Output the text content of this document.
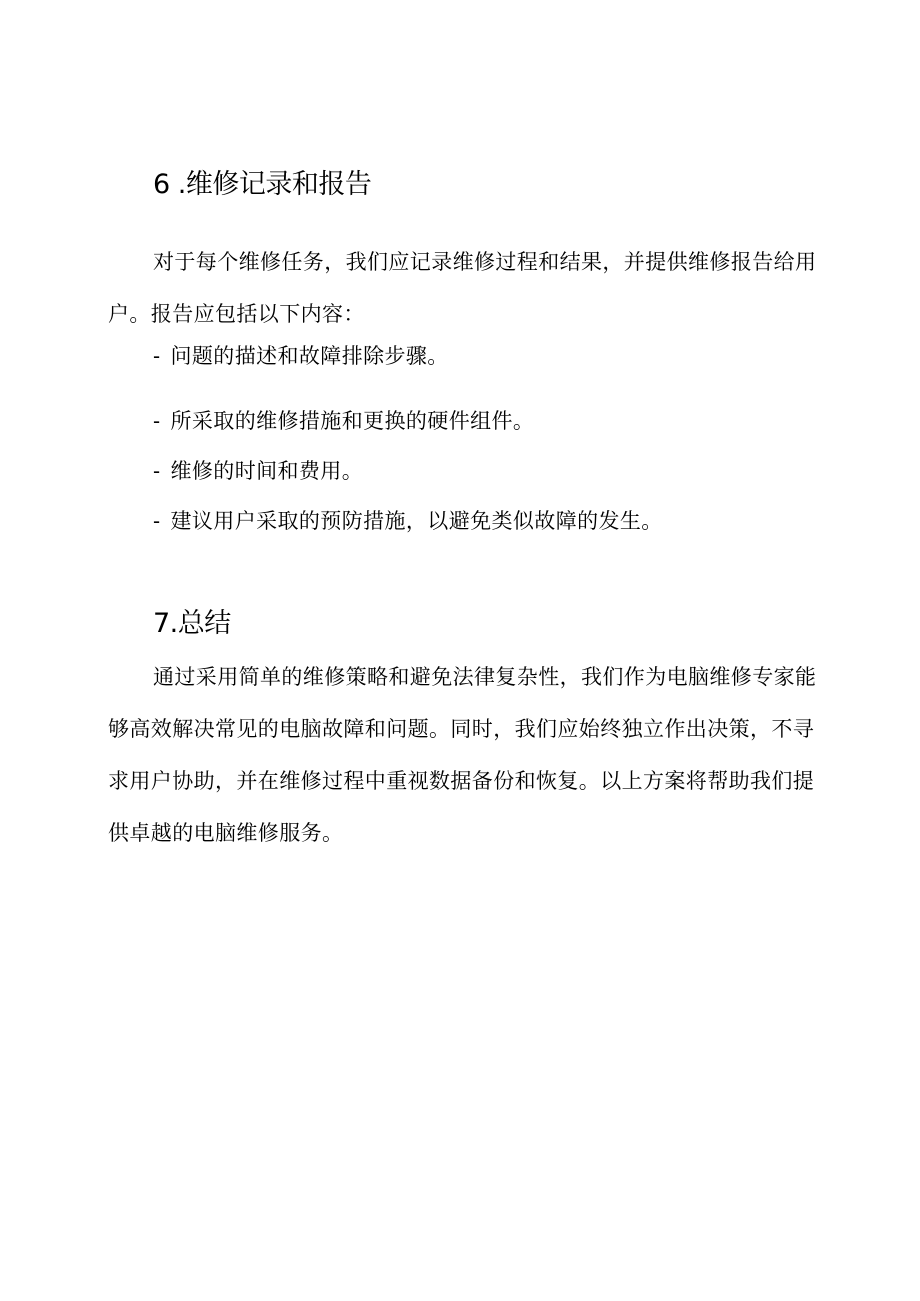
6 .维修记录和报告

对于每个维修任务，我们应记录维修过程和结果，并提供维修报告给用户。报告应包括以下内容：

- 问题的描述和故障排除步骤。
- 所采取的维修措施和更换的硬件组件。
- 维修的时间和费用。
- 建议用户采取的预防措施，以避免类似故障的发生。
7.总结

通过采用简单的维修策略和避免法律复杂性，我们作为电脑维修专家能够高效解决常见的电脑故障和问题。同时，我们应始终独立作出决策，不寻求用户协助，并在维修过程中重视数据备份和恢复。以上方案将帮助我们提供卓越的电脑维修服务。
